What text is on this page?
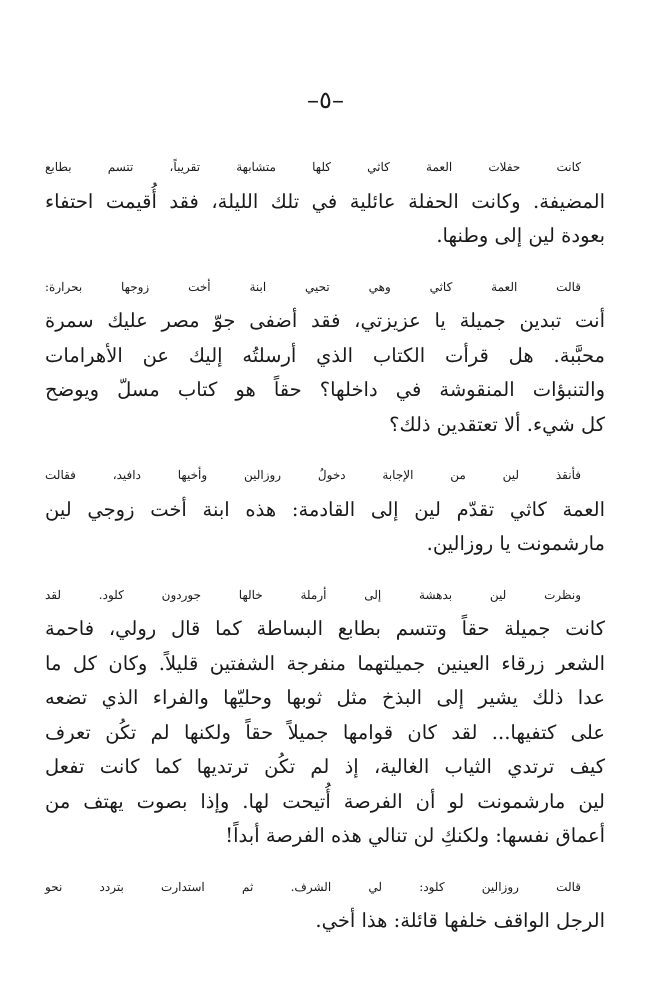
–٥–

كانت حفلات العمة كاثي كلها متشابهة تقريباً، تتسم بطابع
المضيفة. وكانت الحفلة عائلية في تلك الليلة، فقد أُقيمت احتفاء
بعودة لين إلى وطنها.

قالت العمة كاثي وهي تحيي ابنة أخت زوجها بحرارة:
أنت تبدين جميلة يا عزيزتي، فقد أضفى جوّ مصر عليك سمرة
محبَّبة. هل قرأت الكتاب الذي أرسلتُه إليك عن الأهرامات
والتنبؤات المنقوشة في داخلها؟ حقاً هو كتاب مسلّ ويوضح
كل شيء. ألا تعتقدين ذلك؟

فأنقذ لين من الإجابة دخولُ روزالين وأخيها دافيد، فقالت
العمة كاثي تقدّم لين إلى القادمة: هذه ابنة أخت زوجي لين
مارشمونت يا روزالين.

ونظرت لين بدهشة إلى أرملة خالها جوردون كلود. لقد
كانت جميلة حقاً وتتسم بطابع البساطة كما قال رولي، فاحمة
الشعر زرقاء العينين جميلتهما منفرجة الشفتين قليلاً. وكان كل ما
عدا ذلك يشير إلى البذخ مثل ثوبها وحليّها والفراء الذي تضعه
على كتفيها... لقد كان قوامها جميلاً حقاً ولكنها لم تكُن تعرف
كيف ترتدي الثياب الغالية، إذ لم تكُن ترتديها كما كانت تفعل
لين مارشمونت لو أن الفرصة أُتيحت لها. وإذا بصوت يهتف من
أعماق نفسها: ولكنكِ لن تنالي هذه الفرصة أبداً!

قالت روزالين كلود: لي الشرف. ثم استدارت بتردد نحو
الرجل الواقف خلفها قائلة: هذا أخي.
